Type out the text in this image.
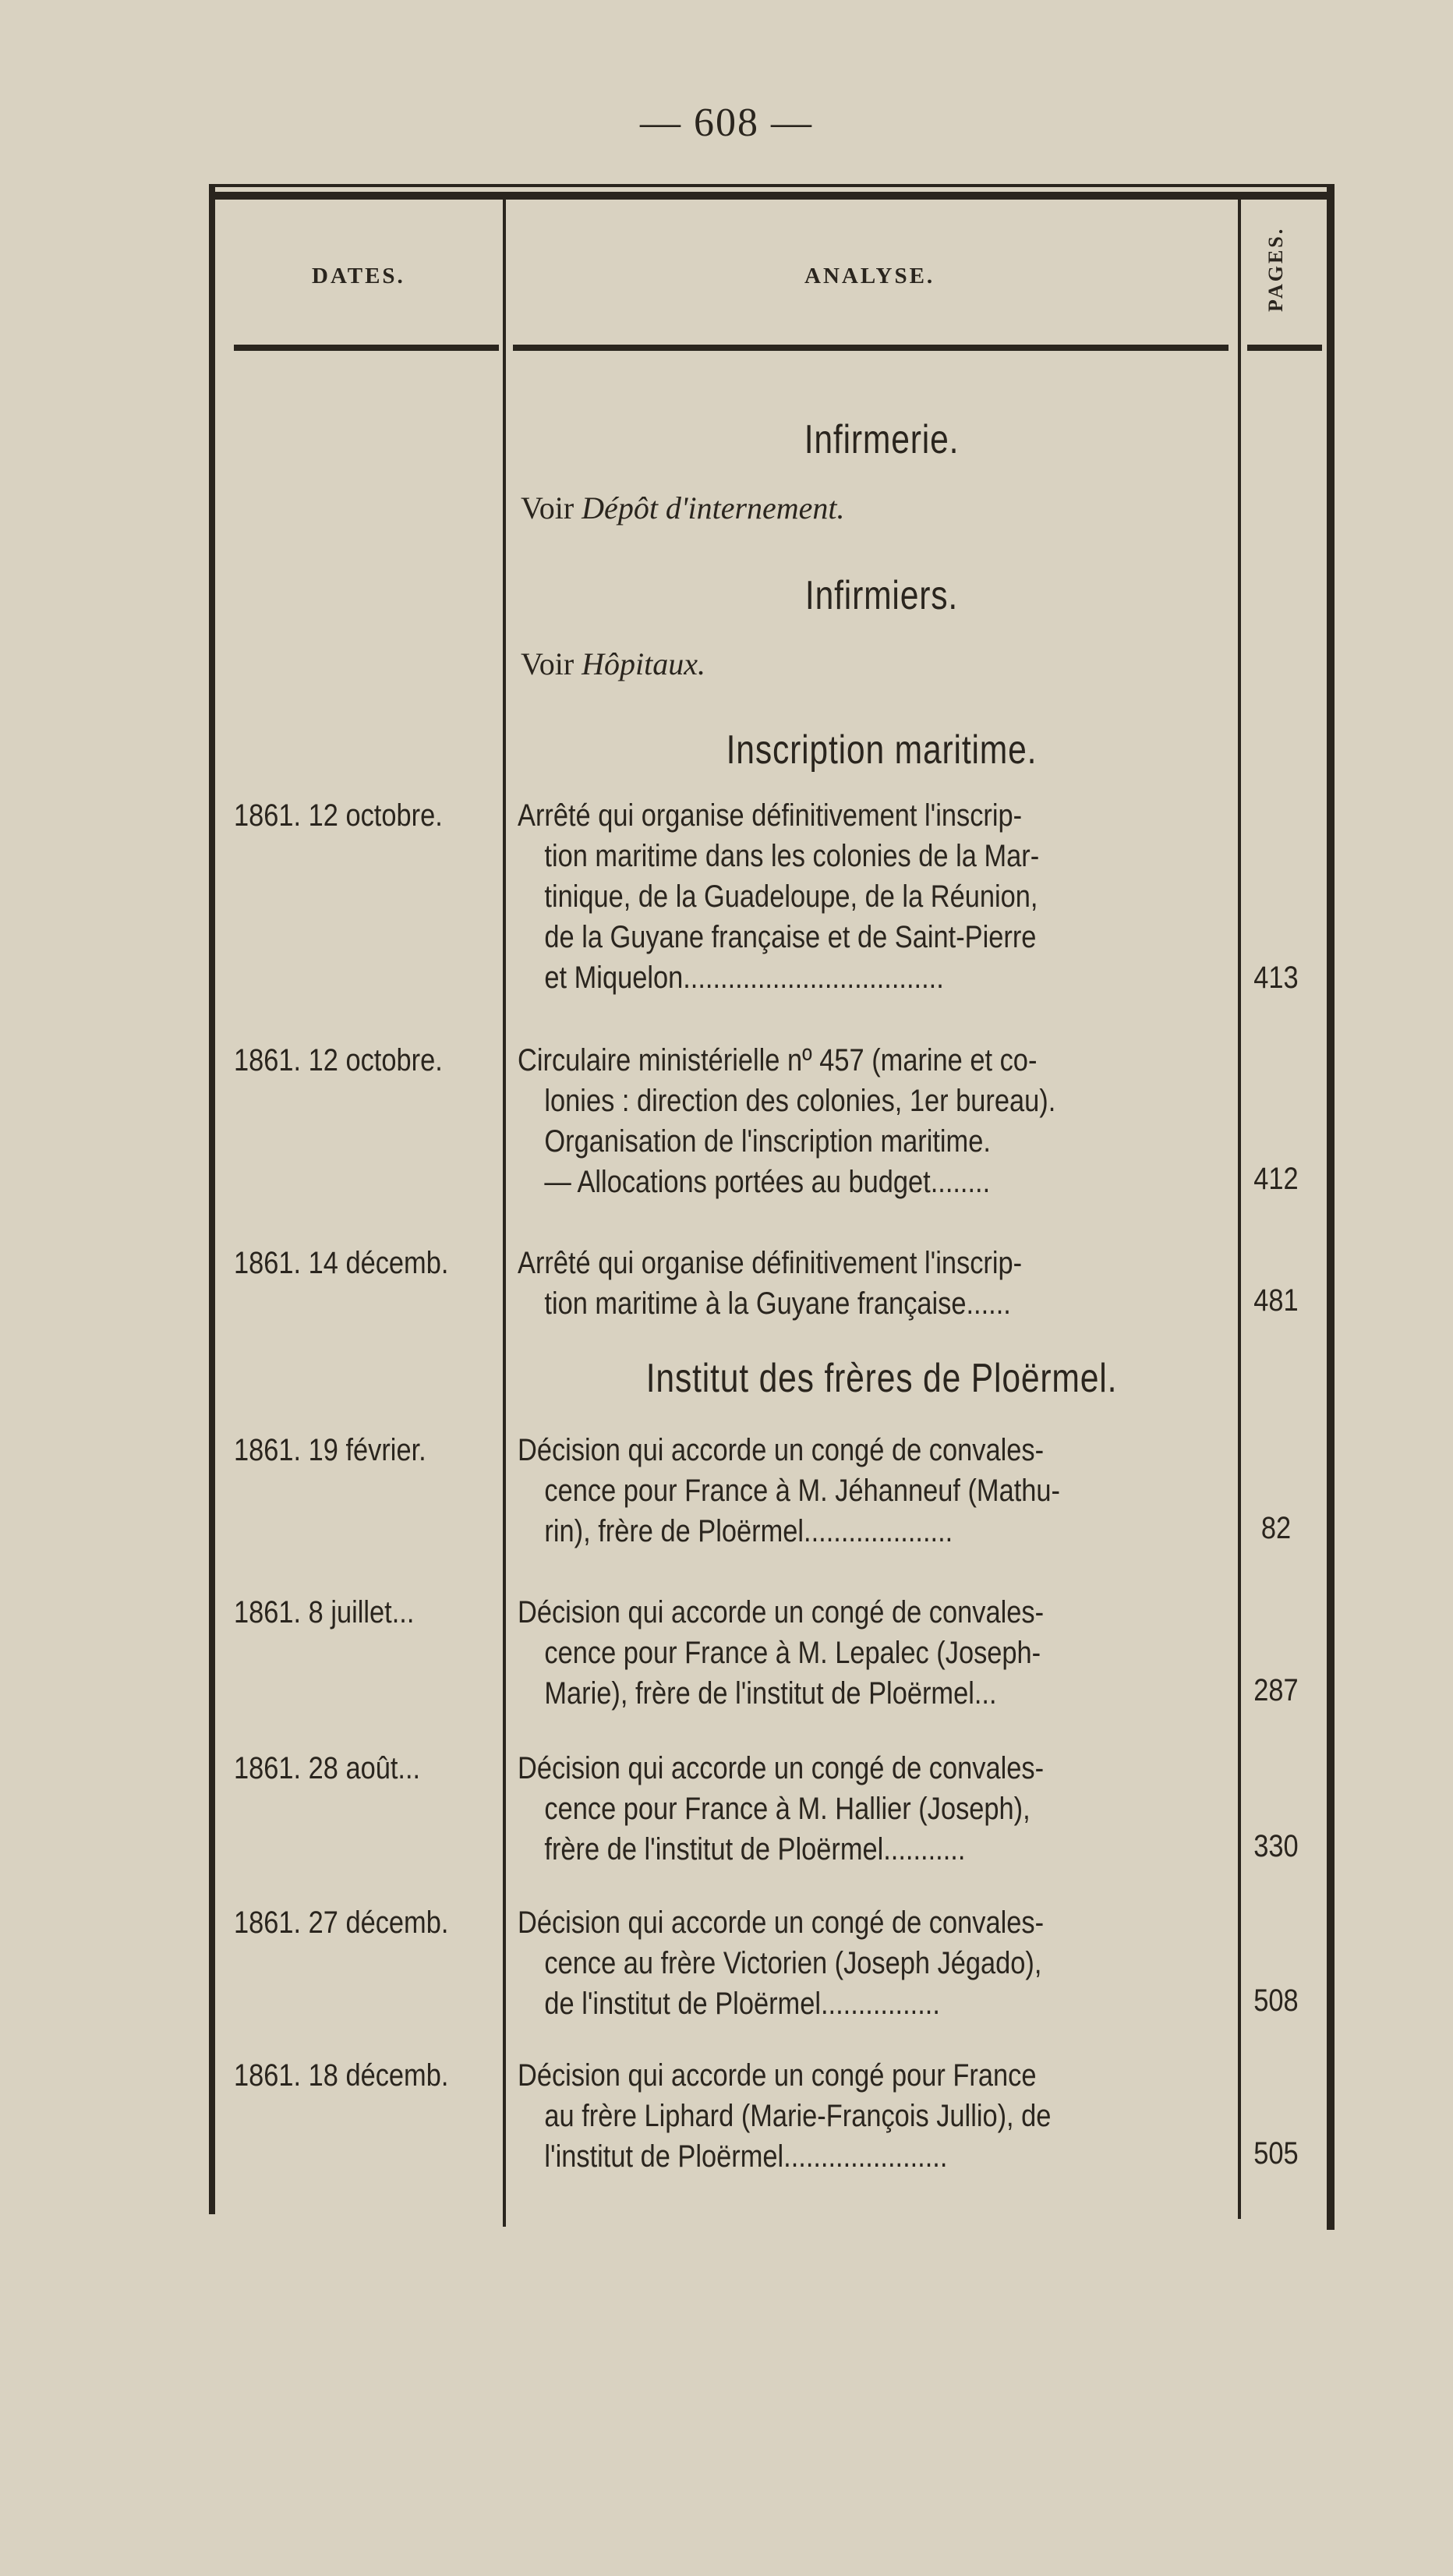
— 608 —
DATES.	ANALYSE.	PAGES.
Infirmerie.
Voir Dépôt d'internement.
Infirmiers.
Voir Hôpitaux.
Inscription maritime.
1861. 12 octobre.	Arrêté qui organise définitivement l'inscrip-
tion maritime dans les colonies de la Mar-
tinique, de la Guadeloupe, de la Réunion,
de la Guyane française et de Saint-Pierre
et Miquelon...................................	413
1861. 12 octobre.	Circulaire ministérielle nº 457 (marine et co-
lonies : direction des colonies, 1er bureau).
Organisation de l'inscription maritime.
— Allocations portées au budget........	412
1861. 14 décemb.	Arrêté qui organise définitivement l'inscrip-
tion maritime à la Guyane française......	481
Institut des frères de Ploërmel.
1861. 19 février.	Décision qui accorde un congé de convales-
cence pour France à M. Jéhanneuf (Mathu-
rin), frère de Ploërmel....................	82
1861. 8 juillet...	Décision qui accorde un congé de convales-
cence pour France à M. Lepalec (Joseph-
Marie), frère de l'institut de Ploërmel...	287
1861. 28 août...	Décision qui accorde un congé de convales-
cence pour France à M. Hallier (Joseph),
frère de l'institut de Ploërmel...........	330
1861. 27 décemb.	Décision qui accorde un congé de convales-
cence au frère Victorien (Joseph Jégado),
de l'institut de Ploërmel................	508
1861. 18 décemb.	Décision qui accorde un congé pour France
au frère Liphard (Marie-François Jullio), de
l'institut de Ploërmel......................	505
